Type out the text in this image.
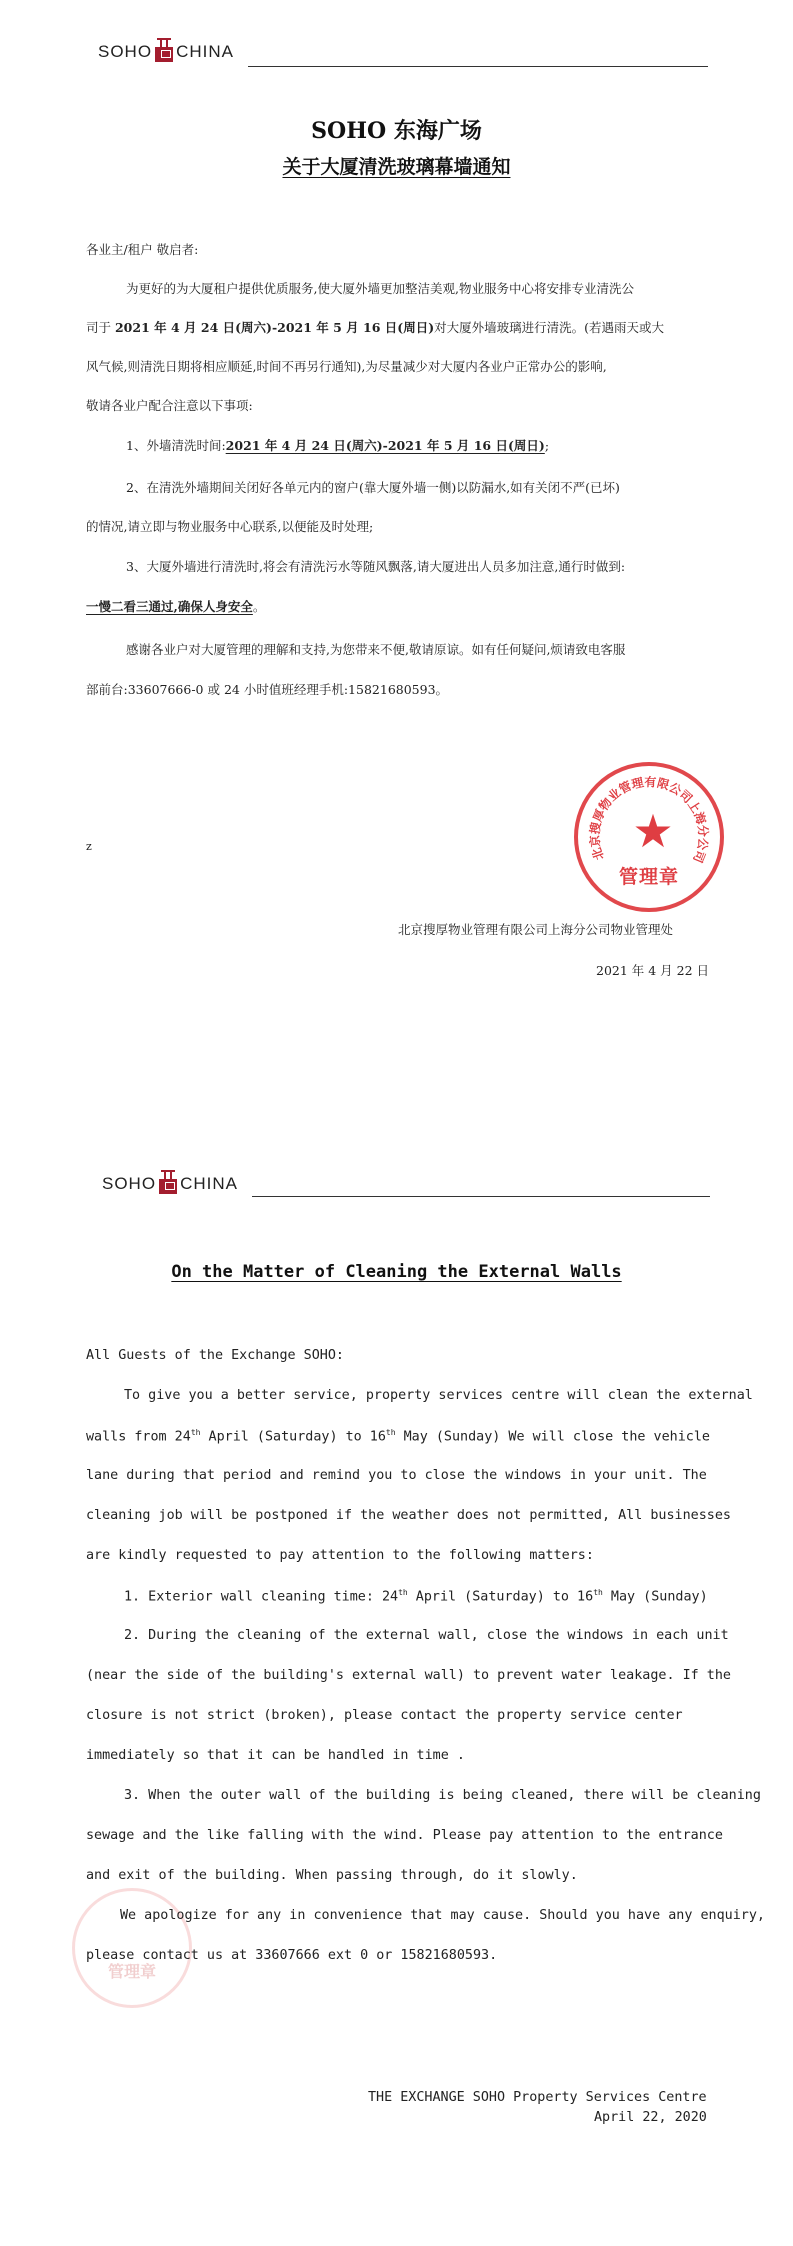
SOHO CHINA
SOHO 东海广场
关于大厦清洗玻璃幕墙通知
各业主/租户 敬启者:
为更好的为大厦租户提供优质服务,使大厦外墙更加整洁美观,物业服务中心将安排专业清洗公
司于 2021 年 4 月 24 日(周六)-2021 年 5 月 16 日(周日)对大厦外墙玻璃进行清洗。(若遇雨天或大
风气候,则清洗日期将相应顺延,时间不再另行通知),为尽量减少对大厦内各业户正常办公的影响,
敬请各业户配合注意以下事项:
1、外墙清洗时间:2021 年 4 月 24 日(周六)-2021 年 5 月 16 日(周日);
2、在清洗外墙期间关闭好各单元内的窗户(靠大厦外墙一侧)以防漏水,如有关闭不严(已坏)
的情况,请立即与物业服务中心联系,以便能及时处理;
3、大厦外墙进行清洗时,将会有清洗污水等随风飘落,请大厦进出人员多加注意,通行时做到:
一慢二看三通过,确保人身安全。
感谢各业户对大厦管理的理解和支持,为您带来不便,敬请原谅。如有任何疑问,烦请致电客服
部前台:33607666-0 或 24 小时值班经理手机:15821680593。
z	北京搜厚物业管理有限公司上海分公司
★
管理章
北京搜厚物业管理有限公司上海分公司物业管理处
2021 年 4 月 22 日
SOHO CHINA
On the Matter of Cleaning the External Walls
All Guests of the Exchange SOHO:
To give you a better service, property services centre will clean the external
walls from 24th April (Saturday) to 16th May (Sunday) We will close the vehicle
lane during that period and remind you to close the windows in your unit. The
cleaning job will be postponed if the weather does not permitted, All businesses
are kindly requested to pay attention to the following matters:
1. Exterior wall cleaning time: 24th April (Saturday) to 16th May (Sunday)
2. During the cleaning of the external wall, close the windows in each unit
(near the side of the building's external wall) to prevent water leakage. If the
closure is not strict (broken), please contact the property service center
immediately so that it can be handled in time .
3. When the outer wall of the building is being cleaned, there will be cleaning
sewage and the like falling with the wind. Please pay attention to the entrance
and exit of the building. When passing through, do it slowly.
管理章
We apologize for any in convenience that may cause. Should you have any enquiry,
please contact us at 33607666 ext 0 or 15821680593.
THE EXCHANGE SOHO Property Services Centre
April 22, 2020
